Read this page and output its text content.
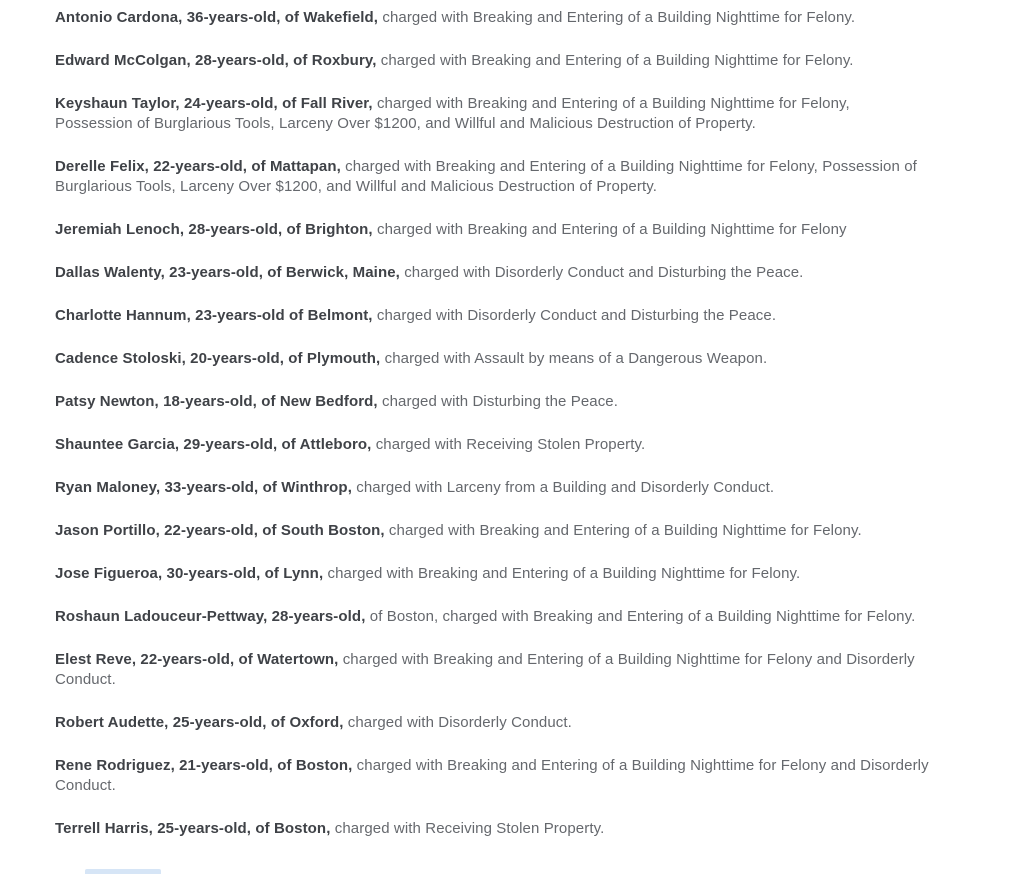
Antonio Cardona, 36-years-old, of Wakefield, charged with Breaking and Entering of a Building Nighttime for Felony.

Edward McColgan, 28-years-old, of Roxbury, charged with Breaking and Entering of a Building Nighttime for Felony.

Keyshaun Taylor, 24-years-old, of Fall River, charged with Breaking and Entering of a Building Nighttime for Felony, Possession of Burglarious Tools, Larceny Over $1200, and Willful and Malicious Destruction of Property.

Derelle Felix, 22-years-old, of Mattapan, charged with Breaking and Entering of a Building Nighttime for Felony, Possession of Burglarious Tools, Larceny Over $1200, and Willful and Malicious Destruction of Property.

Jeremiah Lenoch, 28-years-old, of Brighton, charged with Breaking and Entering of a Building Nighttime for Felony

Dallas Walenty, 23-years-old, of Berwick, Maine, charged with Disorderly Conduct and Disturbing the Peace.

Charlotte Hannum, 23-years-old of Belmont, charged with Disorderly Conduct and Disturbing the Peace.

Cadence Stoloski, 20-years-old, of Plymouth, charged with Assault by means of a Dangerous Weapon.

Patsy Newton, 18-years-old, of New Bedford, charged with Disturbing the Peace.

Shauntee Garcia, 29-years-old, of Attleboro, charged with Receiving Stolen Property.

Ryan Maloney, 33-years-old, of Winthrop, charged with Larceny from a Building and Disorderly Conduct.

Jason Portillo, 22-years-old, of South Boston, charged with Breaking and Entering of a Building Nighttime for Felony.

Jose Figueroa, 30-years-old, of Lynn, charged with Breaking and Entering of a Building Nighttime for Felony.

Roshaun Ladouceur-Pettway, 28-years-old, of Boston, charged with Breaking and Entering of a Building Nighttime for Felony.

Elest Reve, 22-years-old, of Watertown, charged with Breaking and Entering of a Building Nighttime for Felony and Disorderly Conduct.

Robert Audette, 25-years-old, of Oxford, charged with Disorderly Conduct.

Rene Rodriguez, 21-years-old, of Boston, charged with Breaking and Entering of a Building Nighttime for Felony and Disorderly Conduct.

Terrell Harris, 25-years-old, of Boston, charged with Receiving Stolen Property.
